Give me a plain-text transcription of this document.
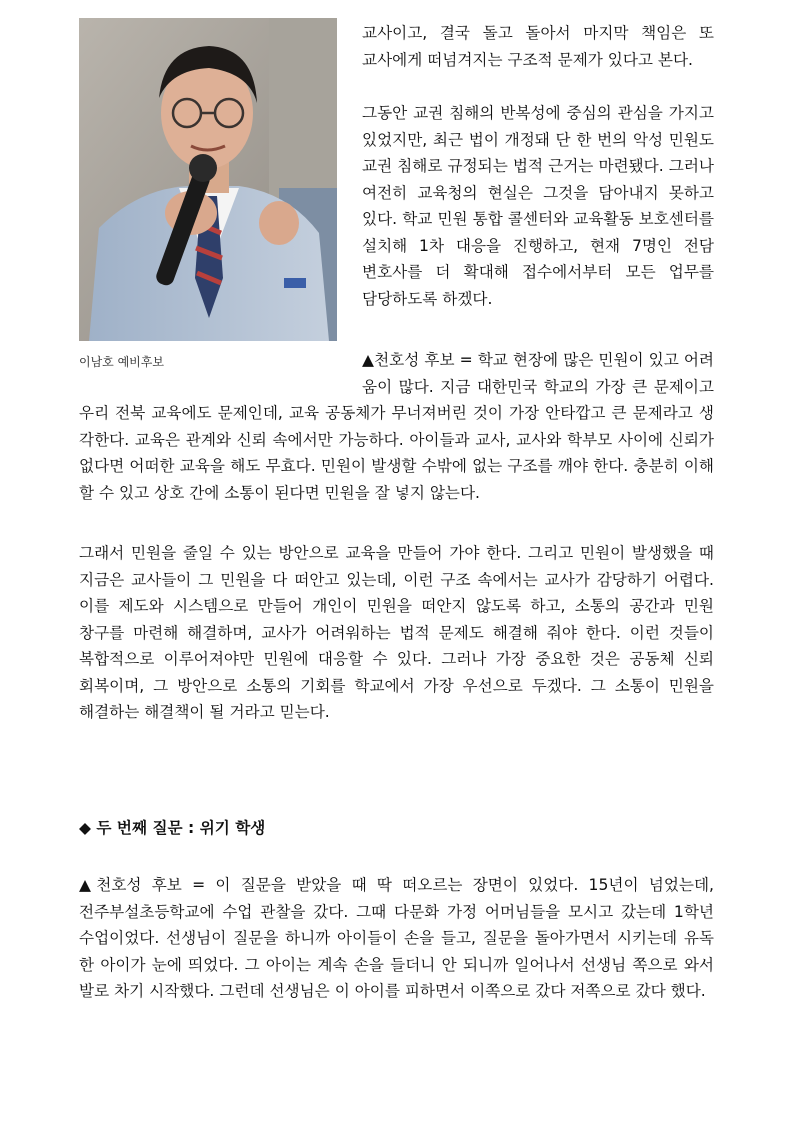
이남호 예비후보

교사이고, 결국 돌고 돌아서 마지막 책임은 또 교사에게 떠넘겨지는 구조적 문제가 있다고 본다.

그동안 교권 침해의 반복성에 중심의 관심을 가지고 있었지만, 최근 법이 개정돼 단 한 번의 악성 민원도 교권 침해로 규정되는 법적 근거는 마련됐다. 그러나 여전히 교육청의 현실은 그것을 담아내지 못하고 있다. 학교 민원 통합 콜센터와 교육활동 보호센터를 설치해 1차 대응을 진행하고, 현재 7명인 전담 변호사를 더 확대해 접수에서부터 모든 업무를 담당하도록 하겠다.

▲천호성 후보 = 학교 현장에 많은 민원이 있고 어려움이 많다. 지금 대한민국 학교의 가장 큰 문제이고 우리 전북 교육에도 문제인데, 교육 공동체가 무너져버린 것이 가장 안타깝고 큰 문제라고 생각한다. 교육은 관계와 신뢰 속에서만 가능하다. 아이들과 교사, 교사와 학부모 사이에 신뢰가 없다면 어떠한 교육을 해도 무효다. 민원이 발생할 수밖에 없는 구조를 깨야 한다. 충분히 이해할 수 있고 상호 간에 소통이 된다면 민원을 잘 넣지 않는다.

그래서 민원을 줄일 수 있는 방안으로 교육을 만들어 가야 한다. 그리고 민원이 발생했을 때 지금은 교사들이 그 민원을 다 떠안고 있는데, 이런 구조 속에서는 교사가 감당하기 어렵다. 이를 제도와 시스템으로 만들어 개인이 민원을 떠안지 않도록 하고, 소통의 공간과 민원 창구를 마련해 해결하며, 교사가 어려워하는 법적 문제도 해결해 줘야 한다. 이런 것들이 복합적으로 이루어져야만 민원에 대응할 수 있다. 그러나 가장 중요한 것은 공동체 신뢰 회복이며, 그 방안으로 소통의 기회를 학교에서 가장 우선으로 두겠다. 그 소통이 민원을 해결하는 해결책이 될 거라고 믿는다.

◆ 두 번째 질문 : 위기 학생

▲천호성 후보 = 이 질문을 받았을 때 딱 떠오르는 장면이 있었다. 15년이 넘었는데, 전주부설초등학교에 수업 관찰을 갔다. 그때 다문화 가정 어머님들을 모시고 갔는데 1학년 수업이었다. 선생님이 질문을 하니까 아이들이 손을 들고, 질문을 돌아가면서 시키는데 유독 한 아이가 눈에 띄었다. 그 아이는 계속 손을 들더니 안 되니까 일어나서 선생님 쪽으로 와서 발로 차기 시작했다. 그런데 선생님은 이 아이를 피하면서 이쪽으로 갔다 저쪽으로 갔다 했다.
